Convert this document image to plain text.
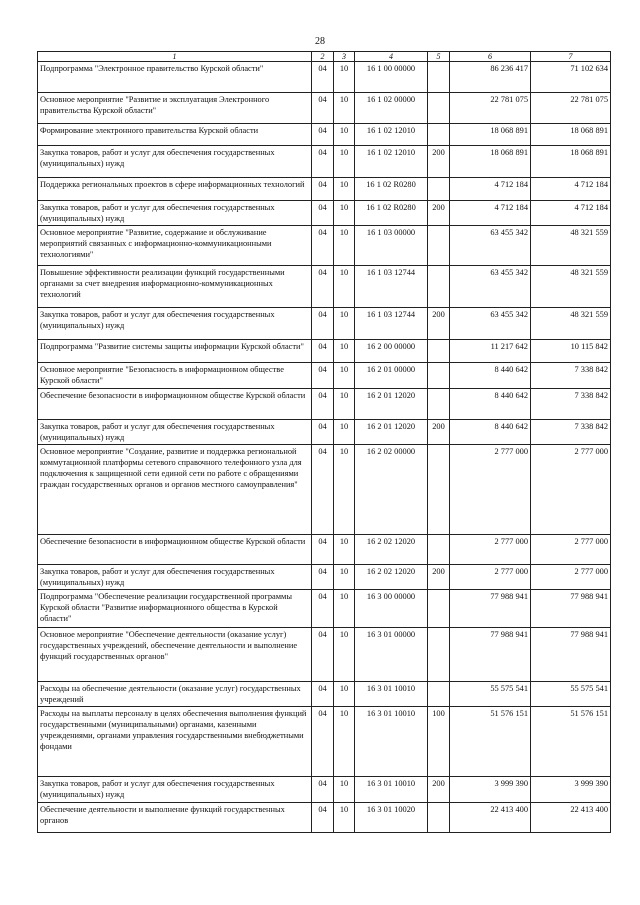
28
1	2	3	4	5	6	7
Подпрограмма "Электронное правительство Курской области"	04	10	16 1 00 00000		86 236 417	71 102 634
Основное мероприятие "Развитие и эксплуатация Электронного правительства Курской области"	04	10	16 1 02 00000		22 781 075	22 781 075
Формирование электронного правительства Курской области	04	10	16 1 02 12010		18 068 891	18 068 891
Закупка товаров, работ и услуг для обеспечения государственных (муниципальных) нужд	04	10	16 1 02 12010	200	18 068 891	18 068 891
Поддержка региональных проектов в сфере информационных технологий	04	10	16 1 02 R0280		4 712 184	4 712 184
Закупка товаров, работ и услуг для обеспечения государственных (муниципальных) нужд	04	10	16 1 02 R0280	200	4 712 184	4 712 184
Основное мероприятие "Развитие, содержание и обслуживание мероприятий связанных с информационно-коммуникационными технологиями"	04	10	16 1 03 00000		63 455 342	48 321 559
Повышение эффективности реализации функций государственными органами за счет внедрения информационно-коммуникационных технологий	04	10	16 1 03 12744		63 455 342	48 321 559
Закупка товаров, работ и услуг для обеспечения государственных (муниципальных) нужд	04	10	16 1 03 12744	200	63 455 342	48 321 559
Подпрограмма "Развитие системы защиты информации Курской области"	04	10	16 2 00 00000		11 217 642	10 115 842
Основное мероприятие "Безопасность в информационном обществе Курской области"	04	10	16 2 01 00000		8 440 642	7 338 842
Обеспечение безопасности в информационном обществе Курской области	04	10	16 2 01 12020		8 440 642	7 338 842
Закупка товаров, работ и услуг для обеспечения государственных (муниципальных) нужд	04	10	16 2 01 12020	200	8 440 642	7 338 842
Основное мероприятие "Создание, развитие и поддержка региональной коммутационной платформы сетевого справочного телефонного узла для подключения к защищенной сети единой сети по работе с обращениями граждан государственных органов и органов местного самоуправления"	04	10	16 2 02 00000		2 777 000	2 777 000
Обеспечение безопасности в информационном обществе Курской области	04	10	16 2 02 12020		2 777 000	2 777 000
Закупка товаров, работ и услуг для обеспечения государственных (муниципальных) нужд	04	10	16 2 02 12020	200	2 777 000	2 777 000
Подпрограмма "Обеспечение реализации государственной программы Курской области "Развитие информационного общества в Курской области"	04	10	16 3 00 00000		77 988 941	77 988 941
Основное мероприятие "Обеспечение деятельности (оказание услуг) государственных учреждений, обеспечение деятельности и выполнение функций государственных органов"	04	10	16 3 01 00000		77 988 941	77 988 941
Расходы на обеспечение деятельности (оказание услуг) государственных учреждений	04	10	16 3 01 10010		55 575 541	55 575 541
Расходы на выплаты персоналу в целях обеспечения выполнения функций государственными (муниципальными) органами, казенными учреждениями, органами управления государственными внебюджетными фондами	04	10	16 3 01 10010	100	51 576 151	51 576 151
Закупка товаров, работ и услуг для обеспечения государственных (муниципальных) нужд	04	10	16 3 01 10010	200	3 999 390	3 999 390
Обеспечение деятельности и выполнение функций государственных органов	04	10	16 3 01 10020		22 413 400	22 413 400
